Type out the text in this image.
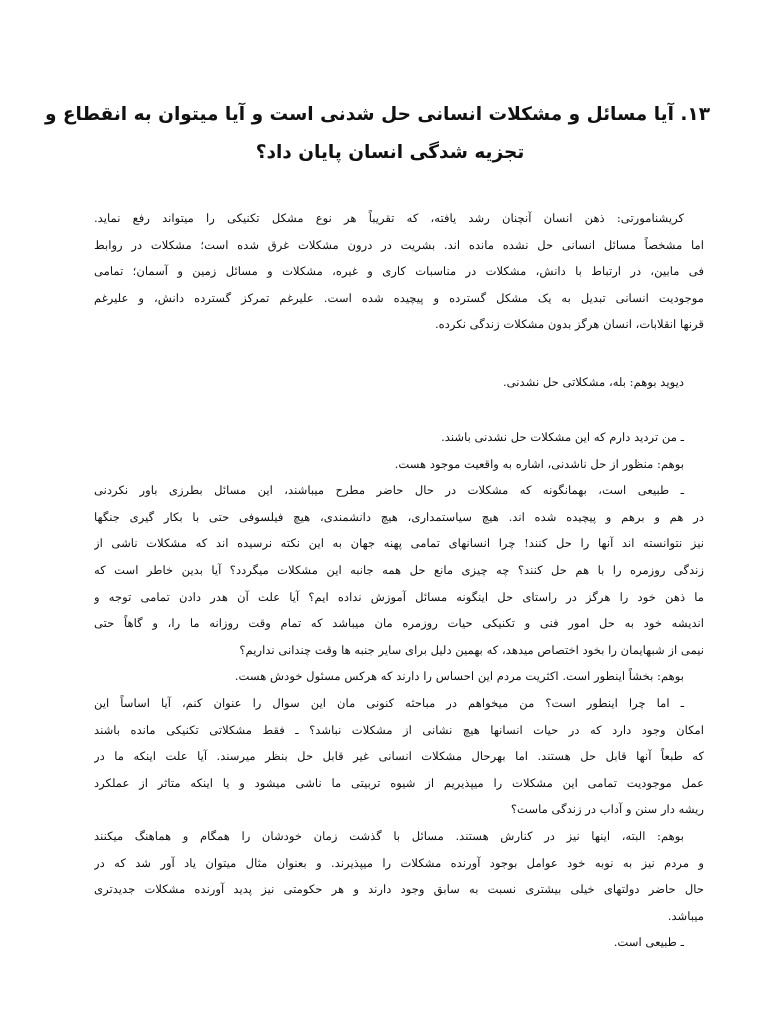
۱۳. آیا مسائل و مشکلات انسانی حل شدنی است و آیا میتوان به انقطاع و
تجزیه شدگی انسان پایان داد؟
کریشنامورتی: ذهن انسان آنچنان رشد یافته، که تقریباً هر نوع مشکل تکنیکی را میتواند رفع نماید.
اما مشخصاً مسائل انسانی حل نشده مانده اند. بشریت در درون مشکلات غرق شده است؛ مشکلات در روابط
فی مابین، در ارتباط با دانش، مشکلات در مناسبات کاری و غیره، مشکلات و مسائل زمین و آسمان؛ تمامی
موجودیت انسانی تبدیل به یک مشکل گسترده و پیچیده شده است. علیرغم تمرکز گسترده دانش، و علیرغم
قرنها انقلابات، انسان هرگز بدون مشکلات زندگی نکرده.
دیوید بوهم: بله، مشکلاتی حل نشدنی.
ـ من تردید دارم که این مشکلات حل نشدنی باشند.
بوهم: منظور از حل ناشدنی، اشاره به واقعیت موجود هست.
ـ طبیعی است، بهمانگونه که مشکلات در حال حاضر مطرح میباشند، این مسائل بطرزی باور نکردنی
در هم و برهم و پیچیده شده اند. هیچ سیاستمداری، هیچ دانشمندی، هیچ فیلسوفی حتی با بکار گیری جنگها
نیز نتوانسته اند آنها را حل کنند! چرا انسانهای تمامی پهنه جهان به این نکته نرسیده اند که مشکلات ناشی از
زندگی روزمره را با هم حل کنند؟ چه چیزی مانع حل همه جانبه این مشکلات میگردد؟ آیا بدین خاطر است که
ما ذهن خود را هرگز در راستای حل اینگونه مسائل آموزش نداده ایم؟ آیا علت آن هدر دادن تمامی توجه و
اندیشه خود به حل امور فنی و تکنیکی حیات روزمره مان میباشد که تمام وقت روزانه ما را، و گاهاً حتی
نیمی از شبهایمان را بخود اختصاص میدهد، که بهمین دلیل برای سایر جنبه ها وقت چندانی نداریم؟
بوهم: بخشاً اینطور است. اکثریت مردم این احساس را دارند که هرکس مسئول خودش هست.
ـ اما چرا اینطور است؟ من میخواهم در مباحثه کنونی مان این سوال را عنوان کنم، آیا اساساً این
امکان وجود دارد که در حیات انسانها هیچ نشانی از مشکلات نباشد؟ ـ فقط مشکلاتی تکنیکی مانده باشند
که طبعاً آنها قابل حل هستند. اما بهرحال مشکلات انسانی غیر قابل حل بنظر میرسند. آیا علت اینکه ما در
عمل موجودیت تمامی این مشکلات را میپذیریم از شیوه تربیتی ما ناشی میشود و یا اینکه متاثر از عملکرد
ریشه دار سنن و آداب در زندگی ماست؟
بوهم: البته، اینها نیز در کنارش هستند. مسائل با گذشت زمان خودشان را همگام و هماهنگ میکنند
و مردم نیز به نوبه خود عوامل بوجود آورنده مشکلات را میپذیرند. و بعنوان مثال میتوان یاد آور شد که در
حال حاضر دولتهای خیلی بیشتری نسبت به سابق وجود دارند و هر حکومتی نیز پدید آورنده مشکلات جدیدتری
میباشد.
ـ طبیعی است.
